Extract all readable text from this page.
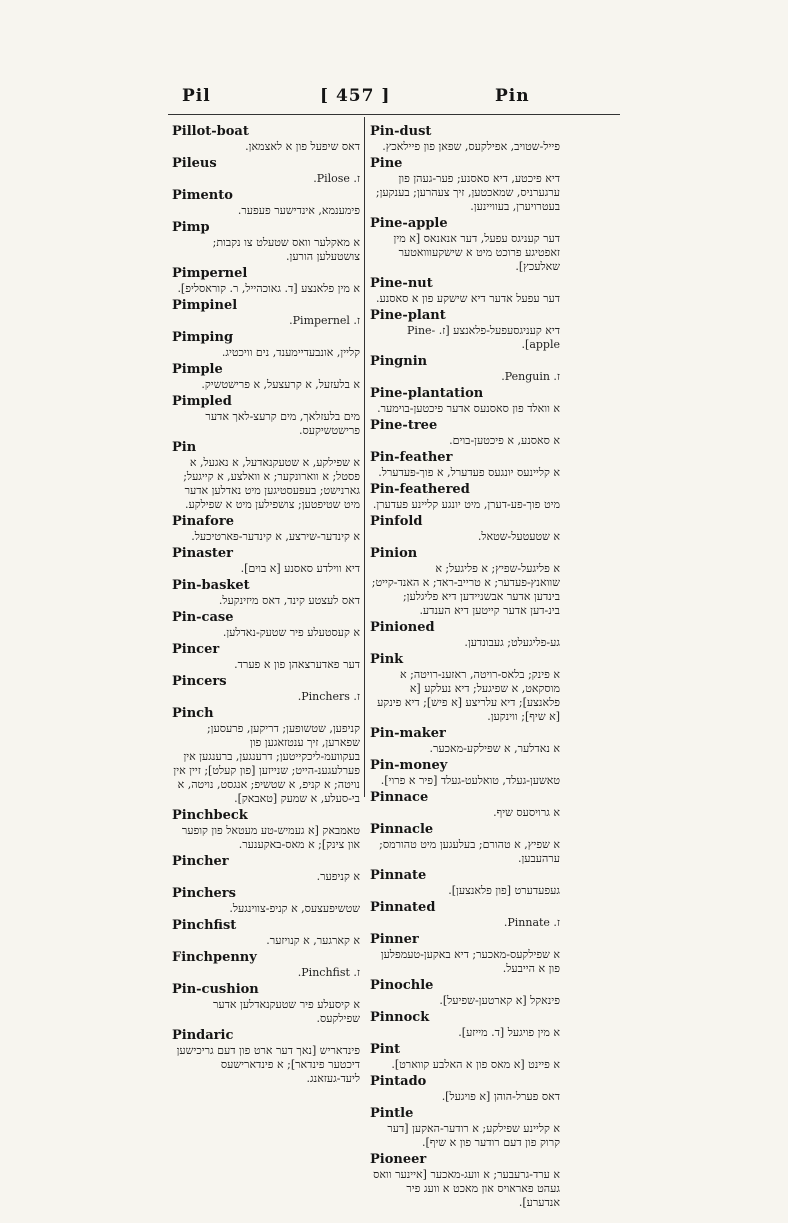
Pil	[ 457 ]	Pin
Pillot-boat
דאס שיפעל פון א לאצמאן.
Pileus
ז. Pilose.
Pimento
פימענמא, אינדישער פעפער.
Pimp
א מאקלער וואס שטעלט צו נקבות; צושטעלען הורען.
Pimpernel
א מין פלאנצע [ד. גאוכהייל, ר. קוראסליפ].
Pimpinel
ז. Pimpernel.
Pimping
קליין, אונבעדיימענד, נים וויכטיג.
Pimple
א בלעזעל, א קרעצעל, א פרישטשיק.
Pimpled
מים בלעזלאך, מים קרעצ-לאך אדער פרישטשיקעס.
Pin
א שפילקע, א שטעקנאדעל, א נאגעל, א פסטל; א ווארונקער; א וואלצע, א קייגעל; גארנישט; בעפעסטיגען מיט נאדלען אדער מיט שטיפטען; צושפילען מיט א שפילקע.
Pinafore
א קינדער-שירצע, א קינדער-פארטיכעל.
Pinaster
דיא ווילדע סאסנע [א בוים].
Pin-basket
דאס לעצטע קינד, דאס מיזינקעל.
Pin-case
א קעסטעלע פיר שטעק-נאדלען.
Pincer
דער פאדערצאהן פון א פערד.
Pincers
ז. Pinchers.
Pinch
קניפען, שטשופען; דריקען, פרעסען; שפארען, זיך ענטזאגען פון בעקוועמ-ליכקייטען; דרענגען, ברענגען אין פערלעגענ-הייט; שנייזען [פון קעלט]; זיין אין נויטה; א קניפ, א שטשיפ; אנגסט, נויטה, א בי-סעלע, א שמעק [טאבאק].
Pinchbeck
טאמבאק [א געמיש-טע מעטאל פון קופער און צינק]; א מאס-באקענער.
Pincher
א קניפער.
Pinchers
שטשיפעצעס, א קניפ-צווינגעל.
Pinchfist
א קארגער, א קנויזער.
Finchpenny
ז. Pinchfist.
Pin-cushion
א קיסעלע פיר שטעקנאדלען אדער שפילקעס.
Pindaric
פינדאריש [נאך דער ארט פון דעם גריכישען דיכטער פינדאר]; א פינדארישעס ליעד-געזאנג.
Pin-dust
פייל-שטויב, אפילקעס, שפאן פון פיילאכץ.
Pine
דיא פיכטע, דיא סאסנע; פער-געהן פון ערגערניס, שמאכטען, זיך צעהרען; בענקען; בעטרויערן, בעוויינען.
Pine-apple
דער קעניגס עפעל, דער אנאנאס [א מין זאפטיגע פרוכט מיט א שישקעווואטער שאלעכץ].
Pine-nut
דער עפעל אדער דיא שישקע פון א סאסנע.
Pine-plant
דיא קעניגסעפעל-פלאנצע [ז. Pine-apple].
Pingnin
ז. Penguin.
Pine-plantation
א וואלד פון סאסנעס אדער פיכטען-בוימער.
Pine-tree
א סאסנע, א פיכטען-בוים.
Pin-feather
א קליינעס יונגעס פעדערל, א פוך-פעדערל.
Pin-feathered
מיט פוך-פע-דערן, מיט יונגע קליינע פעדערן.
Pinfold
א שטעטעל-שטאל.
Pinion
א פליגעל-שפיץ; א פליגעל; א שוואנץ-פעדער; א טרייב-ראד; א האנד-קייט; בינדען אדער אבשניידען דיא פליגלען; בינ-דען אדער קייטען דיא הענדע.
Pinioned
גע-פליגעלט; געבונדען.
Pink
א פינק; בלאס-רויטה, ראזענ-רויטה; א מוסקאט, א שפיגעל; דיא נעלקע [א פלאנצע]; דיא עלריצע [א פיש]; דיא פינקע [א שיף]; ווינקען.
Pin-maker
א נאדלער, א שפילקע-מאכער.
Pin-money
טאשען-געלד, טואלעט-געלד [פיר א פרוי].
Pinnace
א גרויסעס שיף.
Pinnacle
א שפיץ, א טהורם; בעלעגען מיט טהורמס; ערהעבען.
Pinnate
געפעדערט [פון פלאנצען].
Pinnated
ז. Pinnate.
Pinner
א שפילקעס-מאכער; דיא באקען-טעמפלען פון א הייבעל.
Pinochle
פינאקל [א קארטען-שפיעל].
Pinnock
א מין פויגעל [ד. מייזע].
Pint
א פיינט [א מאס פון א האלבע קווארט].
Pintado
דאס פערל-הוהן [א פויגעל].
Pintle
א קליינע שפילקע; א רודער-האקען [דער קרוק פון דעם רודער פון א שיף].
Pioneer
א ערד-גרעבער; א וועג-מאכער [איינער וואס געהט פאראויס און מאכט א וועג פיר אנדערע].
